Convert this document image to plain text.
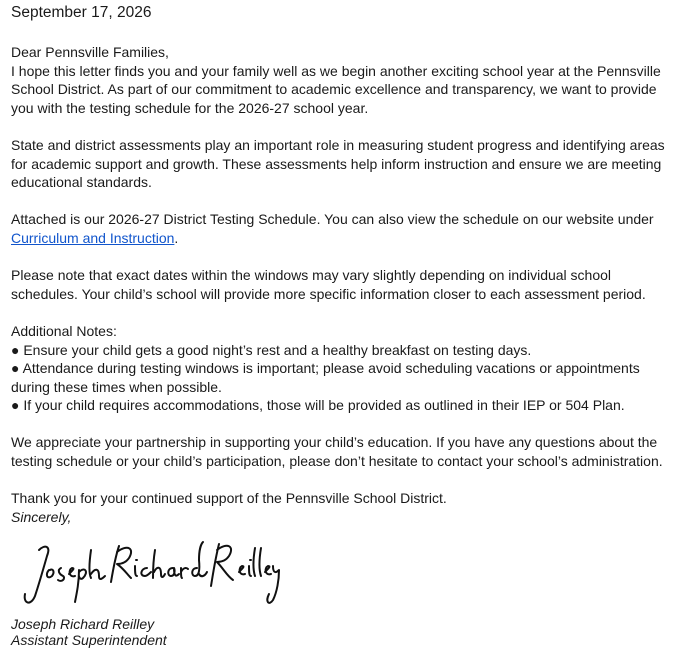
September 17, 2026

Dear Pennsville Families,

I hope this letter finds you and your family well as we begin another exciting school year at the Pennsville School District. As part of our commitment to academic excellence and transparency, we want to provide you with the testing schedule for the 2026-27 school year.

State and district assessments play an important role in measuring student progress and identifying areas for academic support and growth. These assessments help inform instruction and ensure we are meeting educational standards.

Attached is our 2026-27 District Testing Schedule. You can also view the schedule on our website under Curriculum and Instruction.

Please note that exact dates within the windows may vary slightly depending on individual school schedules. Your child’s school will provide more specific information closer to each assessment period.

Additional Notes:

● Ensure your child gets a good night’s rest and a healthy breakfast on testing days.

● Attendance during testing windows is important; please avoid scheduling vacations or appointments during these times when possible.

● If your child requires accommodations, those will be provided as outlined in their IEP or 504 Plan.

We appreciate your partnership in supporting your child’s education. If you have any questions about the testing schedule or your child’s participation, please don’t hesitate to contact your school’s administration.

Thank you for your continued support of the Pennsville School District.

Sincerely,

Joseph Richard Reilley

Assistant Superintendent
